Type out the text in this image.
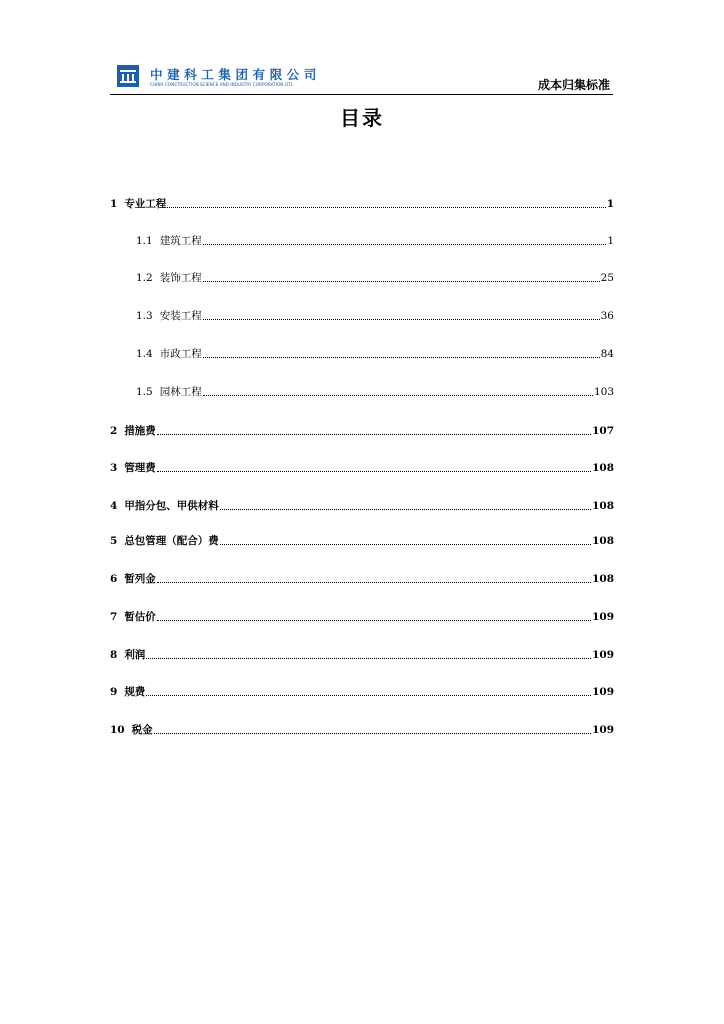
中建科工集团有限公司
CHINA CONSTRUCTION SCIENCE AND INDUSTRY CORPORATION LTD.	成本归集标准
目录
1 专业工程	1
1.1 建筑工程	1
1.2 装饰工程	25
1.3 安装工程	36
1.4 市政工程	84
1.5 园林工程	103
2 措施费	107
3 管理费	108
4 甲指分包、甲供材料	108
5 总包管理（配合）费	108
6 暂列金	108
7 暂估价	109
8 利润	109
9 规费	109
10 税金	109
